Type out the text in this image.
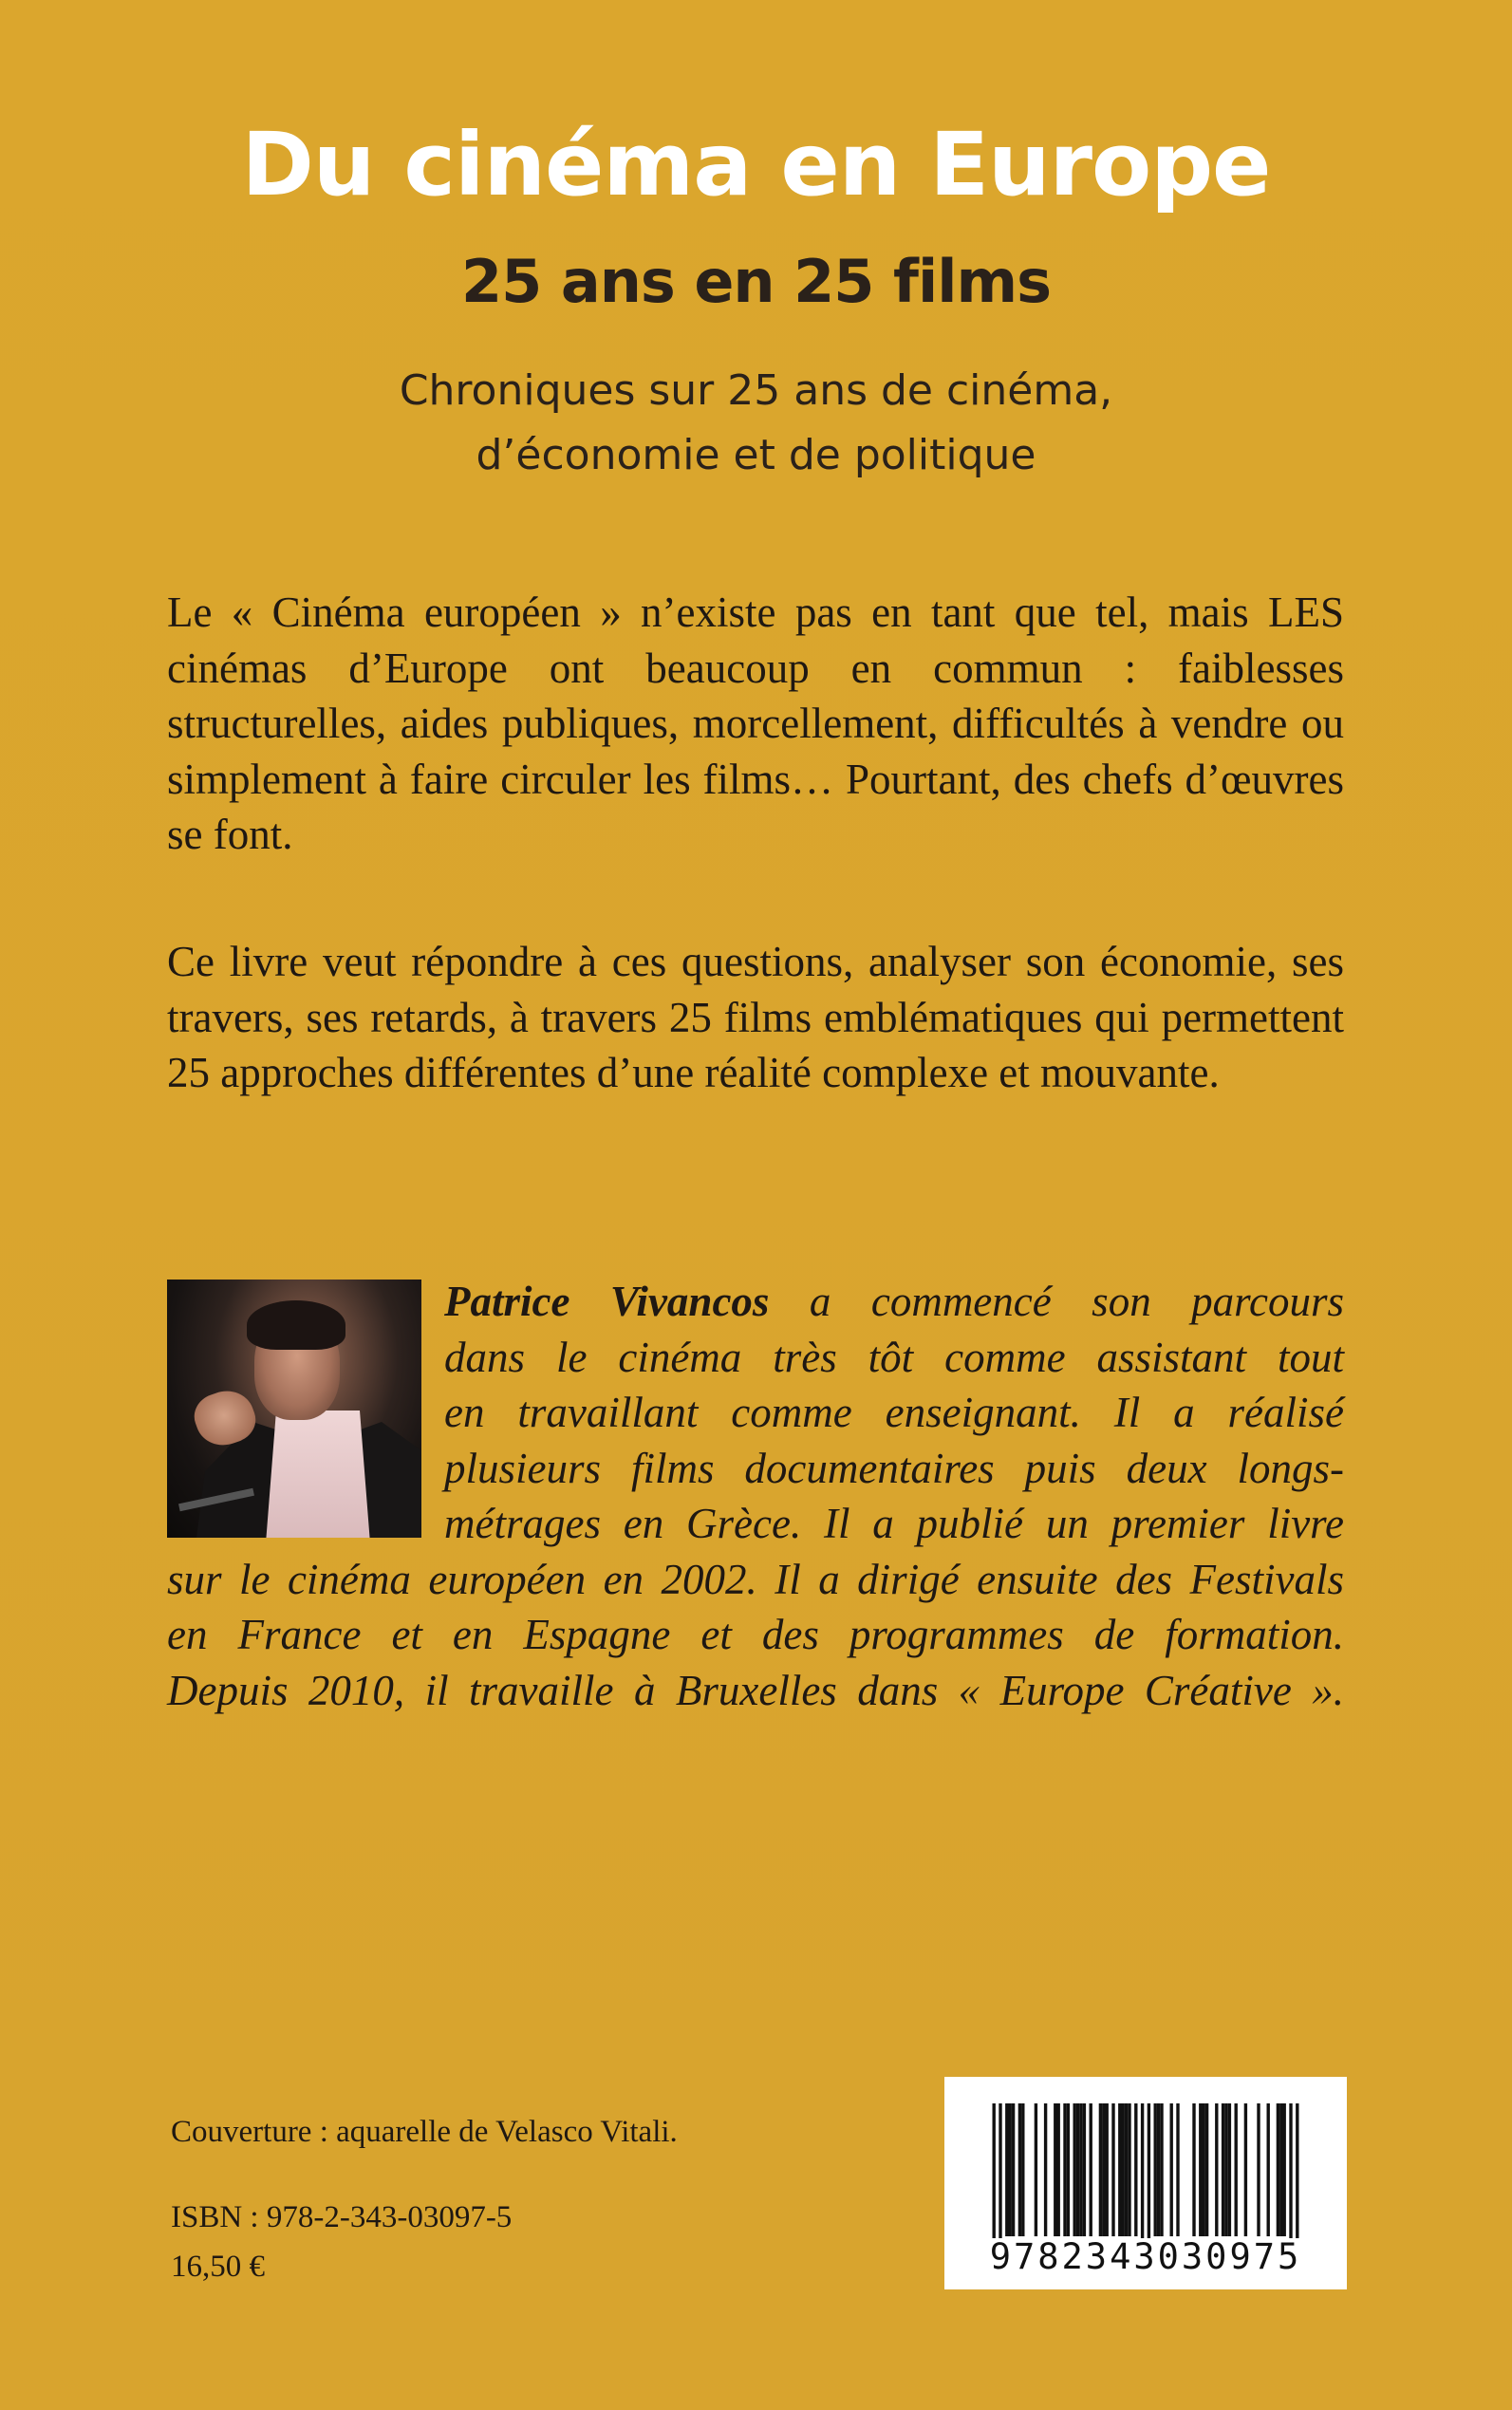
Du cinéma en Europe
25 ans en 25 films
Chroniques sur 25 ans de cinéma,
d’économie et de politique

Le « Cinéma européen » n’existe pas en tant que tel, mais LES cinémas d’Europe ont beaucoup en commun : faiblesses structurelles, aides publiques, morcellement, difficultés à vendre ou simplement à faire circuler les films… Pourtant, des chefs d’œuvres se font.

Ce livre veut répondre à ces questions, analyser son économie, ses travers, ses retards, à travers 25 films emblématiques qui permettent 25 approches différentes d’une réalité complexe et mouvante.

Patrice Vivancos a commencé son parcours
dans le cinéma très tôt comme assistant tout
en travaillant comme enseignant. Il a réalisé
plusieurs films documentaires puis deux longs-
métrages en Grèce. Il a publié un premier livre
sur le cinéma européen en 2002. Il a dirigé ensuite des Festivals
en France et en Espagne et des programmes de formation.
Depuis 2010, il travaille à Bruxelles dans « Europe Créative ».
Couverture : aquarelle de Velasco Vitali.
ISBN : 978-2-343-03097-5
16,50 €	9782343030975
